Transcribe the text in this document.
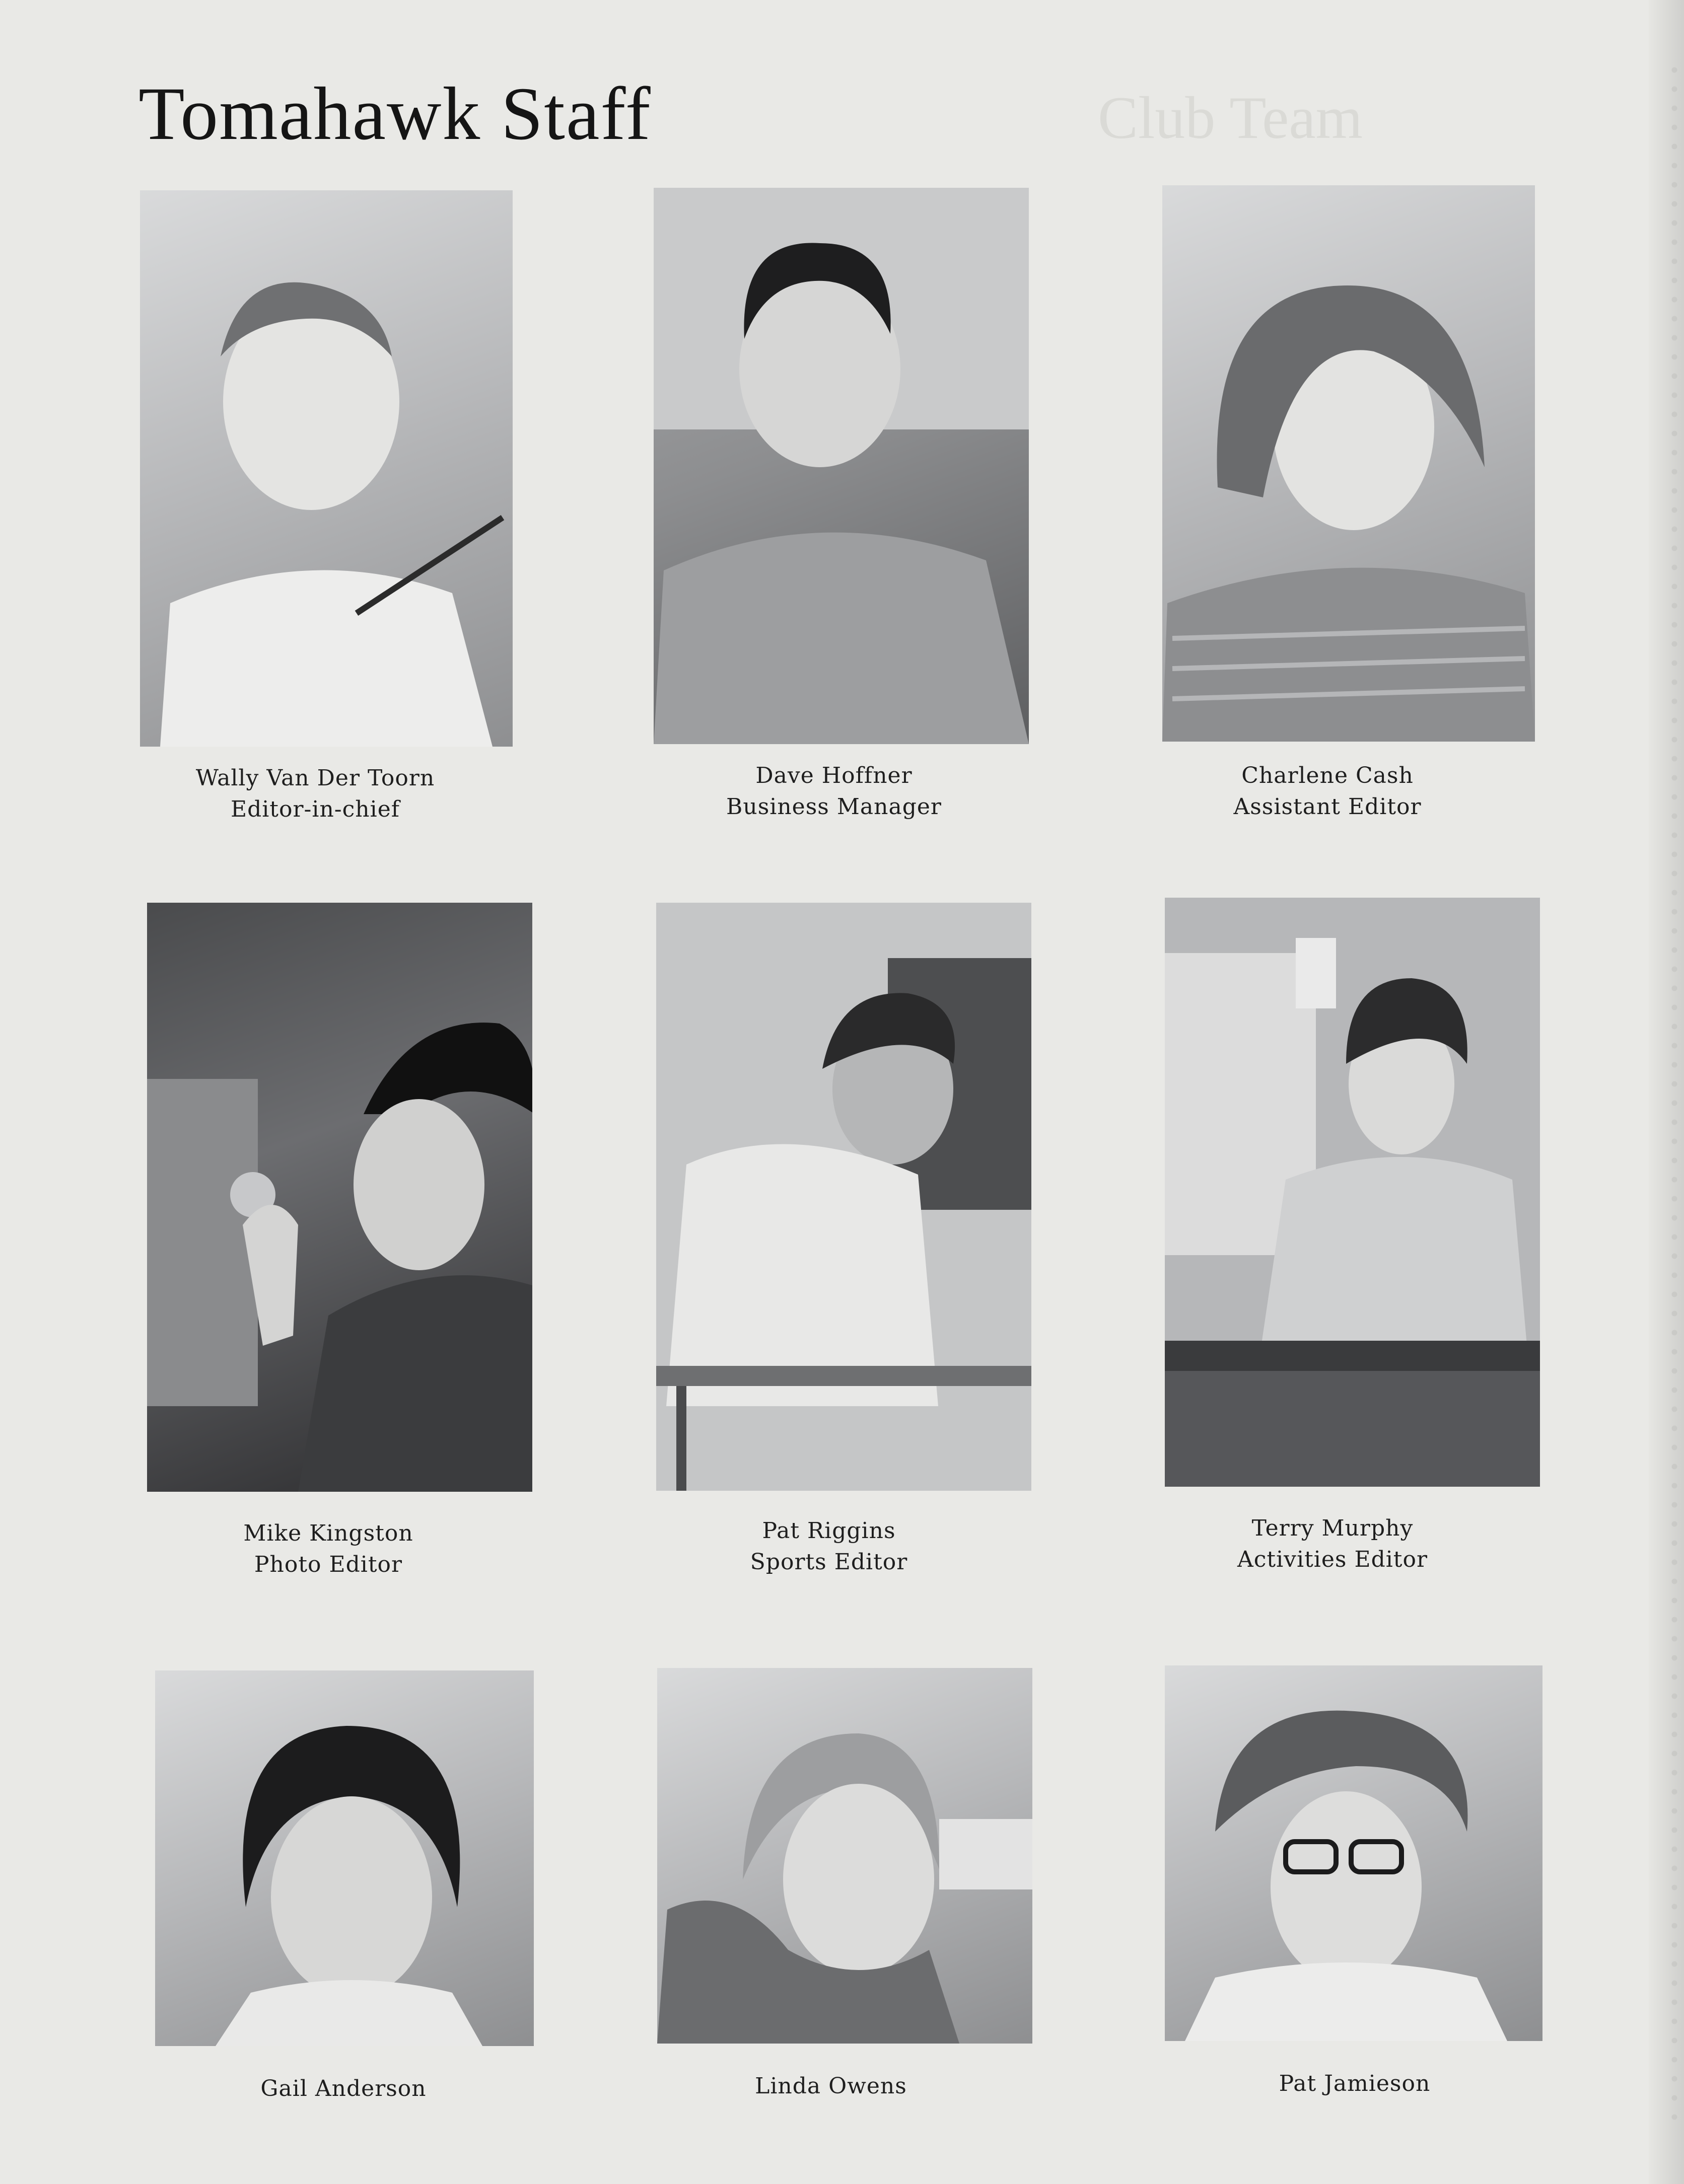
Club Team
Tomahawk Staff
Wally Van Der Toorn
Editor-in-chief
Dave Hoffner
Business Manager
Charlene Cash
Assistant Editor
Mike Kingston
Photo Editor
Pat Riggins
Sports Editor
Terry Murphy
Activities Editor
Gail Anderson	Linda Owens	Pat Jamieson
